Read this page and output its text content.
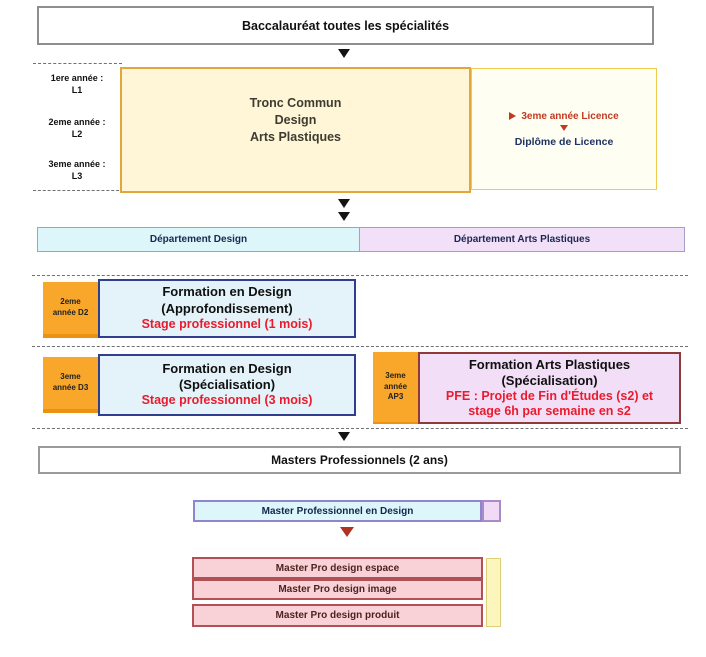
Baccalauréat toutes les spécialités
1ere année :
L1
2eme année :
L2
3eme année :
L3
Tronc Commun
Design
Arts Plastiques
3eme année Licence
Diplôme de Licence
Département Design	Département Arts Plastiques
2eme
année D2
Formation en Design
(Approfondissement)
Stage professionnel (1 mois)
3eme
année D3
Formation en Design
(Spécialisation)
Stage professionnel (3 mois)
3eme
année
AP3
Formation Arts Plastiques
(Spécialisation)
PFE : Projet de Fin d'Études (s2) et
stage 6h par semaine en s2
Masters Professionnels (2 ans)
Master Professionnel en Design
Master Pro design espace
Master Pro design image
Master Pro design produit
